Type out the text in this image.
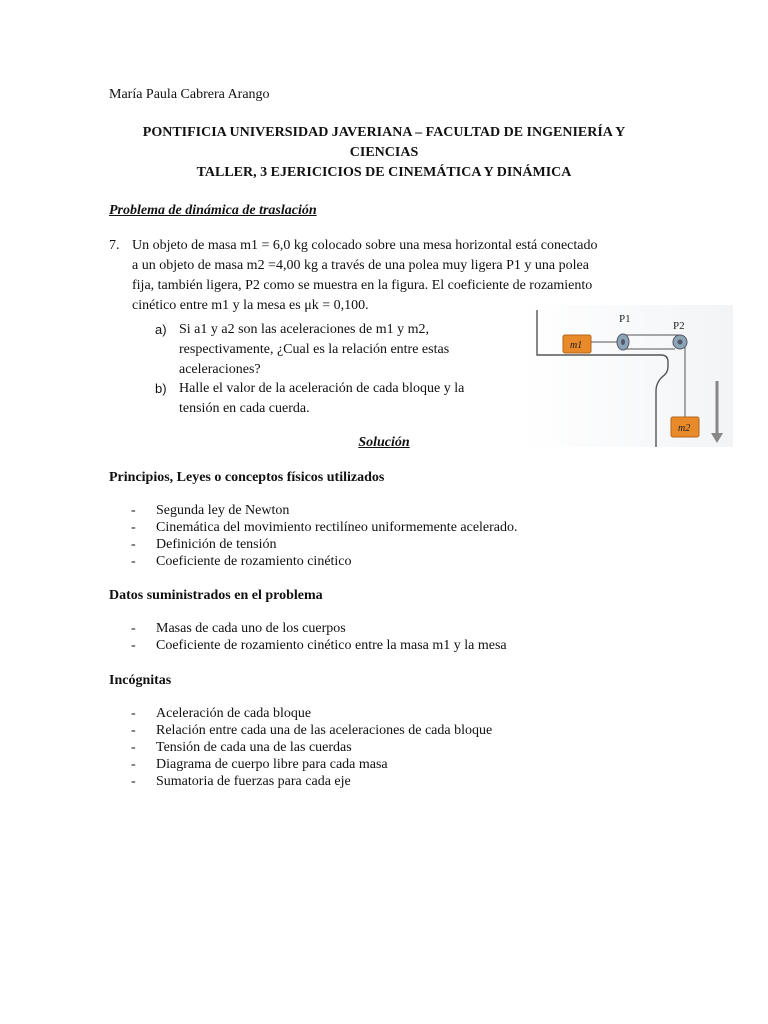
María Paula Cabrera Arango
PONTIFICIA UNIVERSIDAD JAVERIANA – FACULTAD DE INGENIERÍA Y
CIENCIAS
TALLER, 3 EJERICICIOS DE CINEMÁTICA Y DINÁMICA
Problema de dinámica de traslación
7. Un objeto de masa m1 = 6,0 kg colocado sobre una mesa horizontal está conectado
a un objeto de masa m2 =4,00 kg a través de una polea muy ligera P1 y una polea
fija, también ligera, P2 como se muestra en la figura. El coeficiente de rozamiento
cinético entre m1 y la mesa es μk = 0,100.
a) Si a1 y a2 son las aceleraciones de m1 y m2,
respectivamente, ¿Cual es la relación entre estas
aceleraciones?
b) Halle el valor de la aceleración de cada bloque y la
tensión en cada cuerda.
P1
P2
m1
m2
Solución
Principios, Leyes o conceptos físicos utilizados
- Segunda ley de Newton
- Cinemática del movimiento rectilíneo uniformemente acelerado.
- Definición de tensión
- Coeficiente de rozamiento cinético
Datos suministrados en el problema
- Masas de cada uno de los cuerpos
- Coeficiente de rozamiento cinético entre la masa m1 y la mesa
Incógnitas
- Aceleración de cada bloque
- Relación entre cada una de las aceleraciones de cada bloque
- Tensión de cada una de las cuerdas
- Diagrama de cuerpo libre para cada masa
- Sumatoria de fuerzas para cada eje
